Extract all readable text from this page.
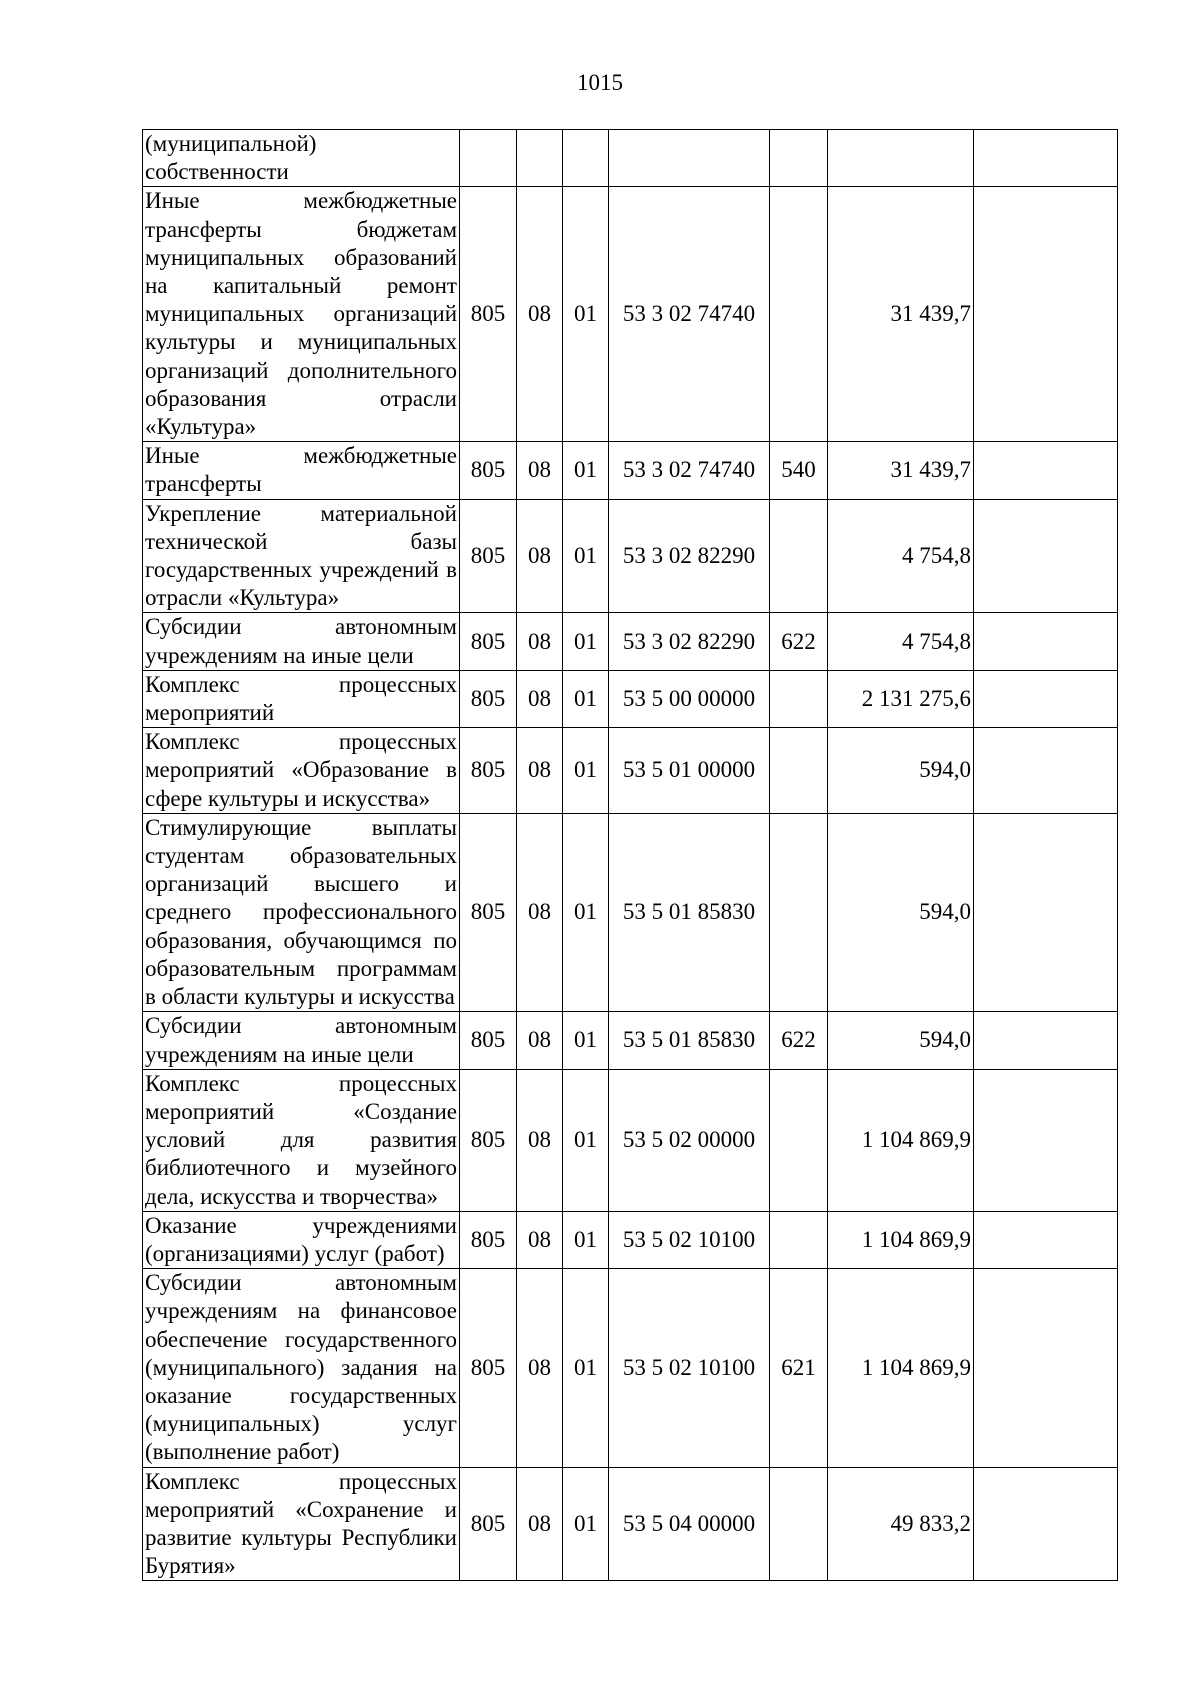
1015
(муниципальной) собственности							
Иные межбюджетные трансферты бюджетам муниципальных образований на капитальный ремонт муниципальных организаций культуры и муниципальных организаций дополнительного образования отрасли «Культура»	805	08	01	53 3 02 74740		31 439,7	
Иные межбюджетные трансферты	805	08	01	53 3 02 74740	540	31 439,7	
Укрепление материальной технической базы государственных учреждений в отрасли «Культура»	805	08	01	53 3 02 82290		4 754,8	
Субсидии автономным учреждениям на иные цели	805	08	01	53 3 02 82290	622	4 754,8	
Комплекс процессных мероприятий	805	08	01	53 5 00 00000		2 131 275,6	
Комплекс процессных мероприятий «Образование в сфере культуры и искусства»	805	08	01	53 5 01 00000		594,0	
Стимулирующие выплаты студентам образовательных организаций высшего и среднего профессионального образования, обучающимся по образовательным программам в области культуры и искусства	805	08	01	53 5 01 85830		594,0	
Субсидии автономным учреждениям на иные цели	805	08	01	53 5 01 85830	622	594,0	
Комплекс процессных мероприятий «Создание условий для развития библиотечного и музейного дела, искусства и творчества»	805	08	01	53 5 02 00000		1 104 869,9	
Оказание учреждениями (организациями) услуг (работ)	805	08	01	53 5 02 10100		1 104 869,9	
Субсидии автономным учреждениям на финансовое обеспечение государственного (муниципального) задания на оказание государственных (муниципальных) услуг (выполнение работ)	805	08	01	53 5 02 10100	621	1 104 869,9	
Комплекс процессных мероприятий «Сохранение и развитие культуры Республики Бурятия»	805	08	01	53 5 04 00000		49 833,2	
